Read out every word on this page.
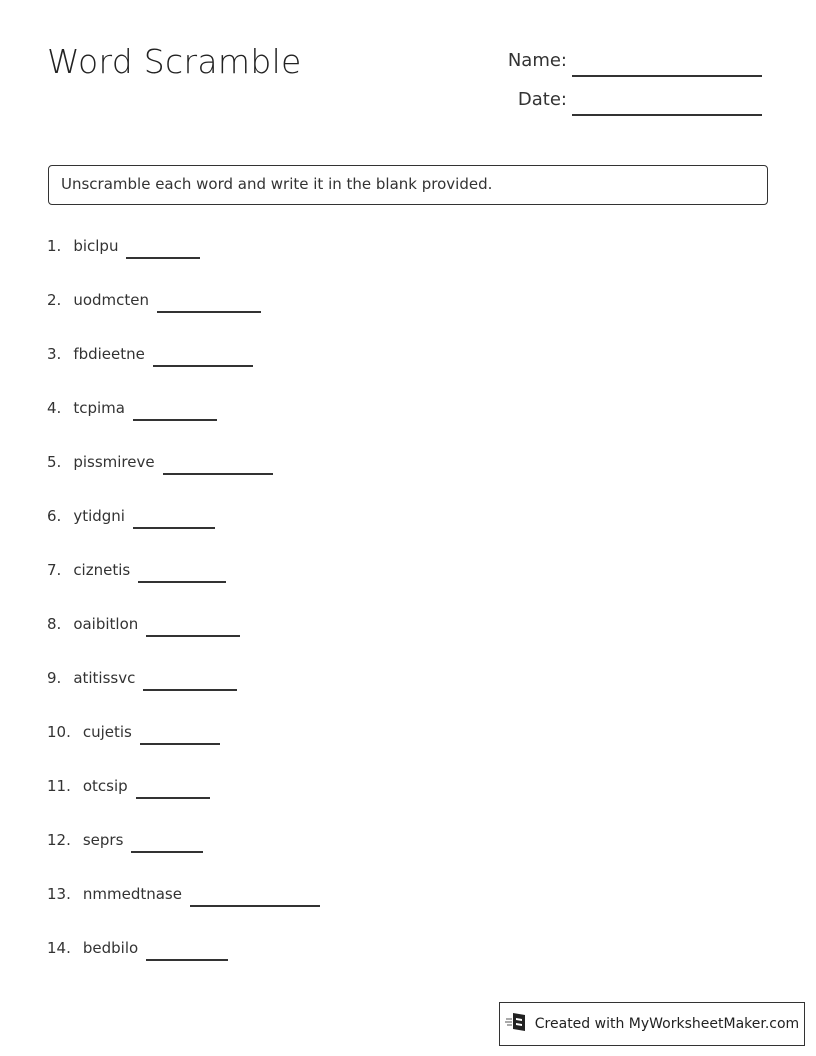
Word Scramble	Name:
Date:
Unscramble each word and write it in the blank provided.
1. biclpu
2. uodmcten
3. fbdieetne
4. tcpima
5. pissmireve
6. ytidgni
7. ciznetis
8. oaibitlon
9. atitissvc
10. cujetis
11. otcsip
12. seprs
13. nmmedtnase
14. bedbilo
Created with MyWorksheetMaker.com
